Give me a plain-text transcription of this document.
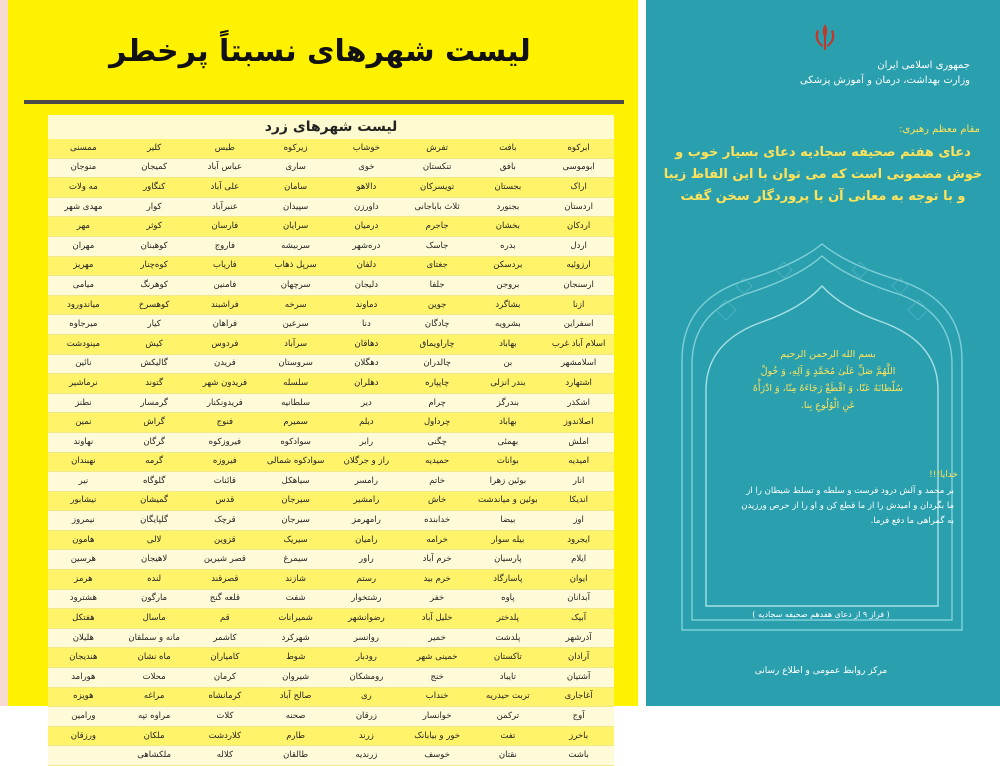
لیست شهرهای نسبتاً پرخطر
لیست شهرهای زرد
ابرکوه	بافت	تفرش	خوشاب	زیرکوه	طبس	کلیر	ممسنی
ابوموسی	بافق	تنکستان	خوی	ساری	عباس آباد	کمیجان	منوجان
اراک	بجستان	تویسرکان	دالاهو	سامان	علی آباد	کنگاور	مه ولات
اردستان	بجنورد	ثلاث باباجانی	داورزن	سپیدان	عنبرآباد	کوار	مهدی شهر
اردکان	بخشان	جاجرم	درمیان	سرایان	فارسان	کوثر	مهر
اردل	بدره	جاسک	دره‌شهر	سربیشه	فاروج	کوهبنان	مهران
ارزوئیه	بردسکن	جغتای	دلفان	سرپل ذهاب	فاریاب	کوه‌چنار	مهریز
ارسنجان	بروجن	جلفا	دلیجان	سرچهان	فامنین	کوهرنگ	میامی
ازنا	بشاگرد	جوین	دماوند	سرخه	فراشبند	کوهسرخ	میاندورود
اسفراین	بشرویه	چادگان	دنا	سرعین	فراهان	کیار	میرجاوه
اسلام آباد غرب	بهاباد	چاراویماق	دهاقان	سرآباد	فردوس	کیش	مینودشت
اسلامشهر	بن	چالدران	دهگلان	سروستان	فریدن	گالیکش	نائین
اشتهارد	بندر انزلی	چاپپاره	دهلران	سلسله	فریدون شهر	گتوند	نرماشیر
اشکذر	بندرگز	چرام	دیر	سلطانیه	فریدونکنار	گرمسار	نطنز
اصلاندوز	بهاباد	چرداول	دیلم	سمیرم	فنوج	گراش	نمین
املش	بهمئی	چگنی	رابر	سوادکوه	فیروزکوه	گرگان	نهاوند
امیدیه	بوانات	حمیدیه	راز و جرگلان	سوادکوه شمالی	فیروزه	گرمه	نهبندان
انار	بوئین زهرا	خاتم	رامسر	سیاهکل	قائنات	گلوگاه	نیر
اندیکا	بوئین و میاندشت	خاش	رامشیر	سیرجان	قدس	گمیشان	نیشابور
اوز	بیضا	خدابنده	رامهرمز	سیرجان	قرچک	گلپایگان	نیمروز
ایجرود	بیله سوار	خرامه	رامیان	سیریک	قزوین	لالی	هامون
ایلام	پارسیان	خرم آباد	راور	سیمرغ	قصر شیرین	لاهیجان	هرسین
ایوان	پاسارگاد	خرم بید	رستم	شازند	قصرقند	لنده	هرمز
آبدانان	پاوه	خفر	رشتخوار	شفت	قلعه گنج	مارگون	هشترود
آبیک	پلدختر	خلیل آباد	رضوانشهر	شمیرانات	قم	ماسال	هفتکل
آذرشهر	پلدشت	خمیر	روانسر	شهرکرد	کاشمر	مانه و سملقان	هلیلان
آرادان	تاکستان	خمینی شهر	رودبار	شوط	کامیاران	ماه نشان	هندیجان
آشتیان	تایباد	خنج	رومشکان	شیروان	کرمان	محلات	هورامد
آغاجاری	تربت حیدریه	خنداب	ری	صالح آباد	کرمانشاه	مراغه	هویزه
آوج	ترکمن	خوانسار	زرقان	صحنه	کلات	مراوه تپه	ورامین
باخرز	تفت	خور و بیابانک	زرند	طارم	کلاردشت	ملکان	ورزقان
باشت	نقتان	خوسف	زرندیه	طالقان	کلاله	ملکشاهی	
جمهوری اسلامی ایران
وزارت بهداشت، درمان و آموزش پزشکی
مقام معظم رهبری:
دعای هفتم صحیفه سجادیه دعای بسیار خوب و خوش مضمونی است که می توان با این الفاظ زیبا و با توجه به معانی آن با پروردگار سخن گفت
بسم الله الرحمن الرحيم
اللَّهُمَّ صَلِّ عَلَىٰ مُحَمَّدٍ وَ آلِهِ، وَ خُولْ
سُلْطانَهُ عَنّا، وَ اقْطَعْ رَجَاءَهُ مِنّا، وَ ادْرَأْهُ
عَنِ الْوُلُوعِ بِنا.
خدایا!!!
بر محمد و آلش درود فرست و سلطه و تسلط شیطان را از
ما بگردان و امیدش را از ما قطع کن و او را از حرص ورزیدن
به گمراهی ما دفع فرما.
( فراز ۹ از دعای هفدهم صحیفه سجادیه )
مرکز روابط عمومی و اطلاع رسانی
